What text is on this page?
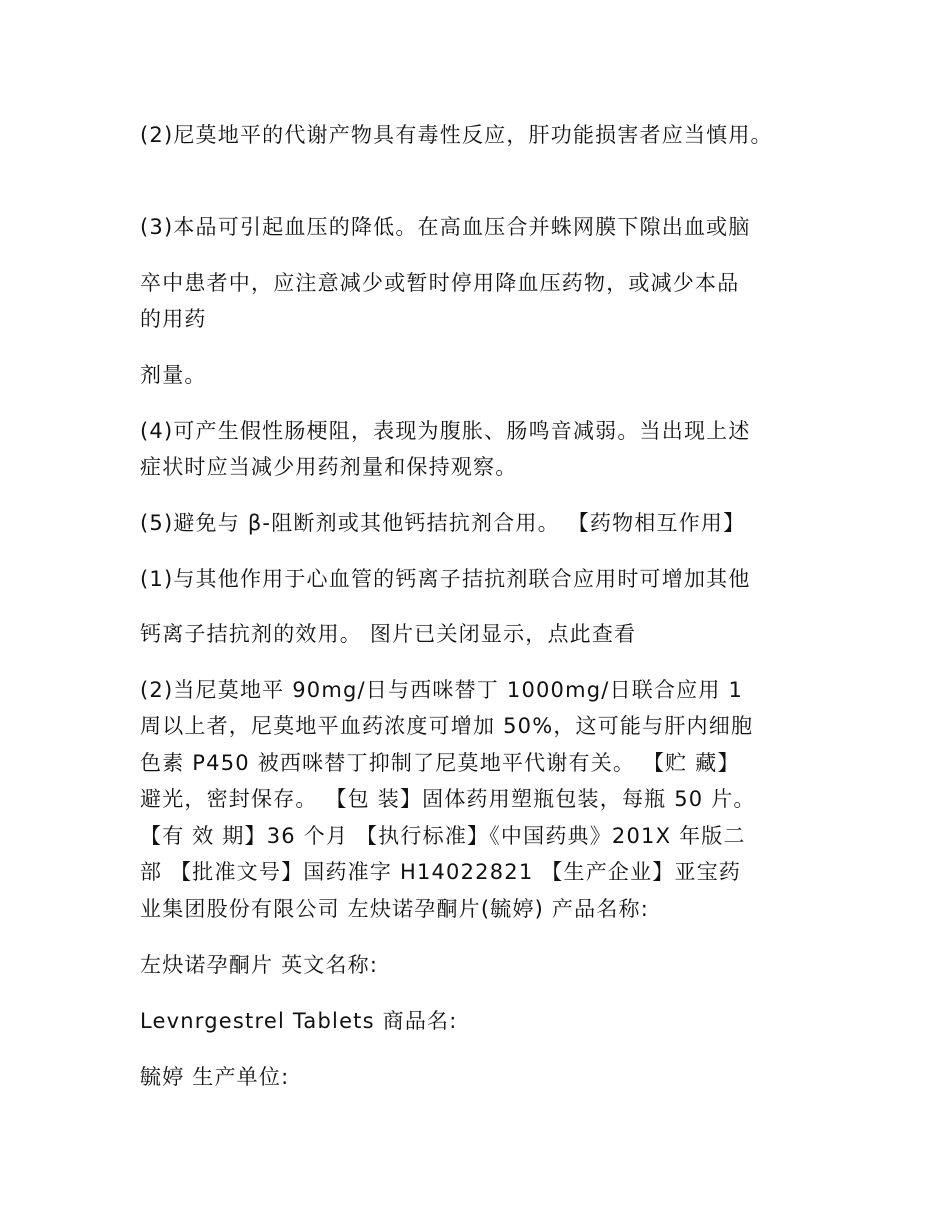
(2)尼莫地平的代谢产物具有毒性反应，肝功能损害者应当慎用。
(3)本品可引起血压的降低。在高血压合并蛛网膜下隙出血或脑
卒中患者中，应注意减少或暂时停用降血压药物，或减少本品
的用药
剂量。
(4)可产生假性肠梗阻，表现为腹胀、肠鸣音减弱。当出现上述
症状时应当减少用药剂量和保持观察。
(5)避免与 β-阻断剂或其他钙拮抗剂合用。 【药物相互作用】
(1)与其他作用于心血管的钙离子拮抗剂联合应用时可增加其他
钙离子拮抗剂的效用。 图片已关闭显示，点此查看
(2)当尼莫地平 90mg/日与西咪替丁 1000mg/日联合应用 1
周以上者，尼莫地平血药浓度可增加 50%，这可能与肝内细胞
色素 P450 被西咪替丁抑制了尼莫地平代谢有关。 【贮 藏】
避光，密封保存。 【包 装】固体药用塑瓶包装，每瓶 50 片。
【有 效 期】36 个月 【执行标准】《中国药典》201X 年版二
部 【批准文号】国药准字 H14022821 【生产企业】亚宝药
业集团股份有限公司 左炔诺孕酮片(毓婷) 产品名称:
左炔诺孕酮片 英文名称:
Levnrgestrel Tablets 商品名:
毓婷 生产单位:
